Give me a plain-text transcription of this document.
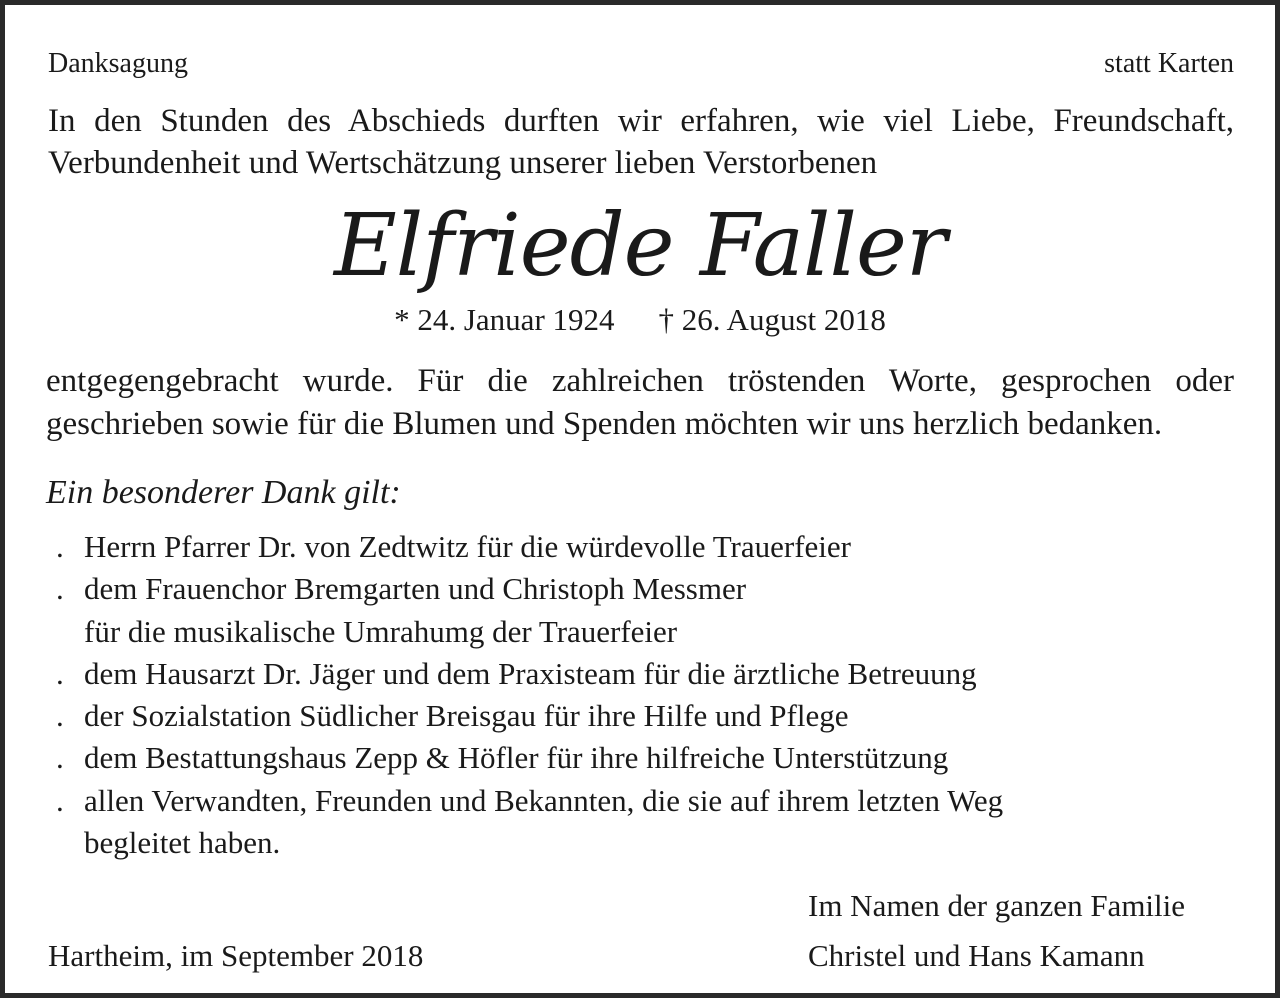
Danksagung	statt Karten
In den Stunden des Abschieds durften wir erfahren, wie viel Liebe, Freundschaft,
Verbundenheit und Wertschätzung unserer lieben Verstorbenen
Elfriede Faller
* 24. Januar 1924 † 26. August 2018
entgegengebracht wurde. Für die zahlreichen tröstenden Worte, gesprochen oder
geschrieben sowie für die Blumen und Spenden möchten wir uns herzlich bedanken.
Ein besonderer Dank gilt:
. Herrn Pfarrer Dr. von Zedtwitz für die würdevolle Trauerfeier
. dem Frauenchor Bremgarten und Christoph Messmer
für die musikalische Umrahumg der Trauerfeier
. dem Hausarzt Dr. Jäger und dem Praxisteam für die ärztliche Betreuung
. der Sozialstation Südlicher Breisgau für ihre Hilfe und Pflege
. dem Bestattungshaus Zepp & Höfler für ihre hilfreiche Unterstützung
. allen Verwandten, Freunden und Bekannten, die sie auf ihrem letzten Weg
begleitet haben.
Im Namen der ganzen Familie
Hartheim, im September 2018	Christel und Hans Kamann
